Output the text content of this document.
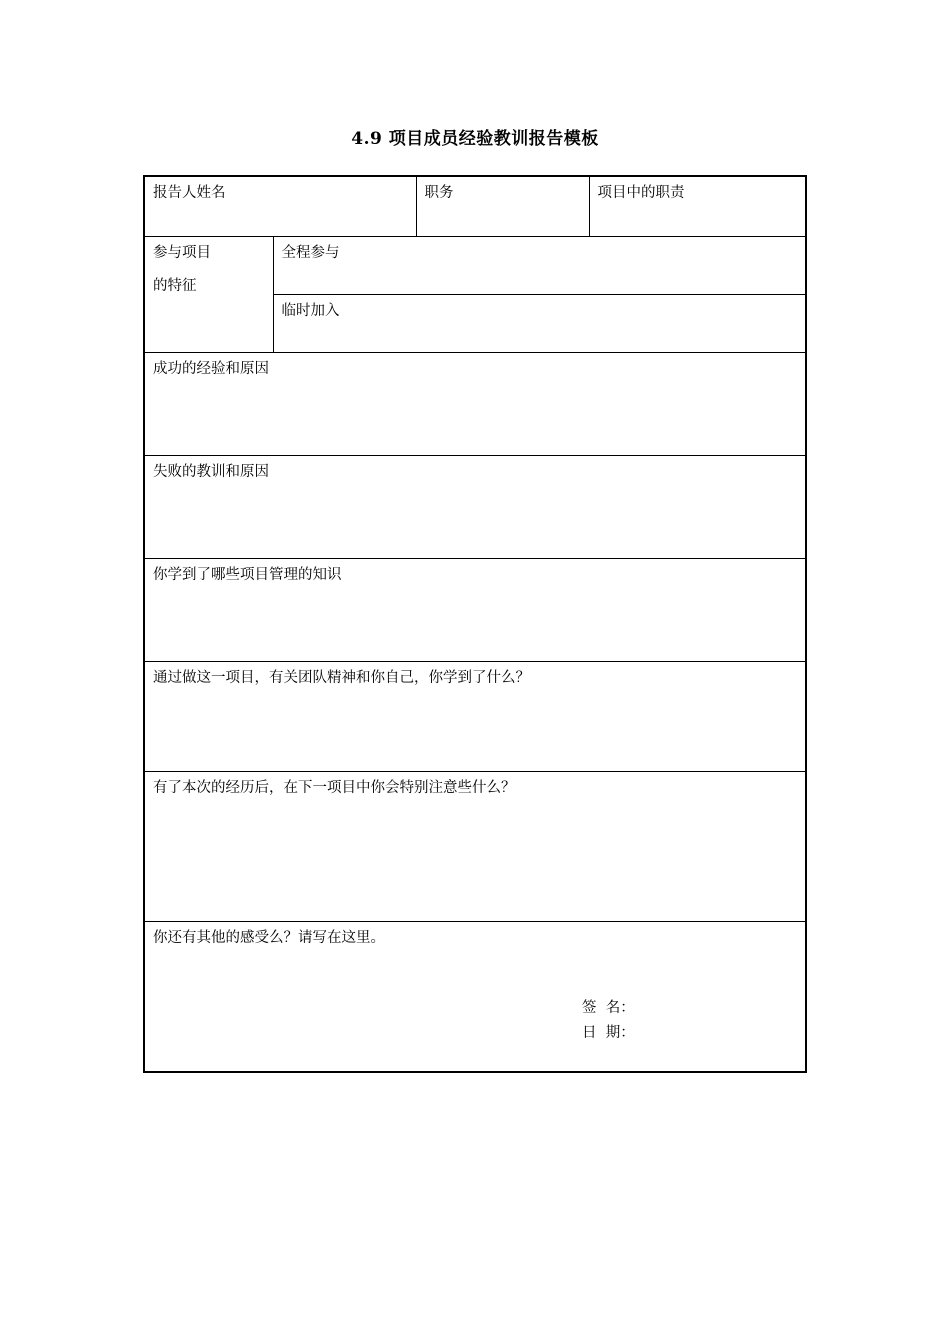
4.9 项目成员经验教训报告模板
报告人姓名		职务	项目中的职责

参与项目
的特征	全程参与		
	临时加入		
成功的经验和原因			
失败的教训和原因			
你学到了哪些项目管理的知识			
通过做这一项目，有关团队精神和你自己，你学到了什么？			
有了本次的经历后，在下一项目中你会特别注意些什么？			
你还有其他的感受么？请写在这里。
签  名：
日  期：			
